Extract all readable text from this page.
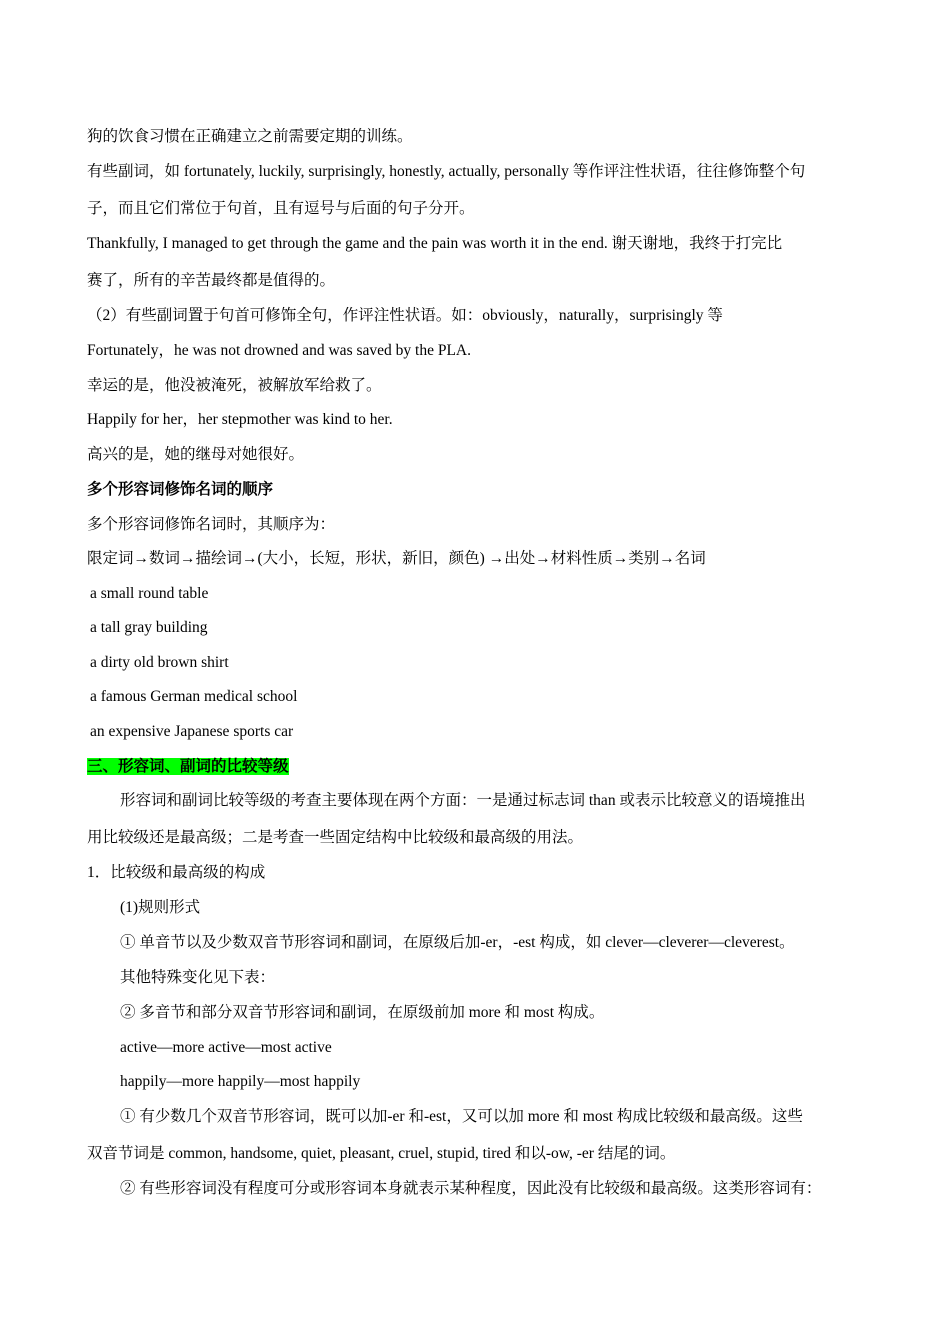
狗的饮食习惯在正确建立之前需要定期的训练。
有些副词，如 fortunately, luckily, surprisingly, honestly, actually, personally 等作评注性状语，往往修饰整个句
子，而且它们常位于句首，且有逗号与后面的句子分开。
Thankfully, I managed to get through the game and the pain was worth it in the end. 谢天谢地，我终于打完比
赛了，所有的辛苦最终都是值得的。
（2）有些副词置于句首可修饰全句，作评注性状语。如：obviously，naturally，surprisingly 等
Fortunately，he was not drowned and was saved by the PLA.
幸运的是，他没被淹死，被解放军给救了。
Happily for her，her stepmother was kind to her.
高兴的是，她的继母对她很好。
多个形容词修饰名词的顺序
多个形容词修饰名词时，其顺序为：
限定词→数词→描绘词→(大小，长短，形状，新旧，颜色) →出处→材料性质→类别→名词
a small round table
a tall gray building
a dirty old brown shirt
a famous German medical school
an expensive Japanese sports car
三、形容词、副词的比较等级
形容词和副词比较等级的考查主要体现在两个方面：一是通过标志词 than 或表示比较意义的语境推出
用比较级还是最高级；二是考查一些固定结构中比较级和最高级的用法。
1．比较级和最高级的构成
(1)规则形式
① 单音节以及少数双音节形容词和副词，在原级后加-er，-est 构成，如 clever—cleverer—cleverest。
其他特殊变化见下表：
② 多音节和部分双音节形容词和副词，在原级前加 more 和 most 构成。
active—more active—most active
happily—more happily—most happily
① 有少数几个双音节形容词，既可以加-er 和-est，又可以加 more 和 most 构成比较级和最高级。这些
双音节词是 common, handsome, quiet, pleasant, cruel, stupid, tired 和以-ow, -er 结尾的词。
② 有些形容词没有程度可分或形容词本身就表示某种程度，因此没有比较级和最高级。这类形容词有：
